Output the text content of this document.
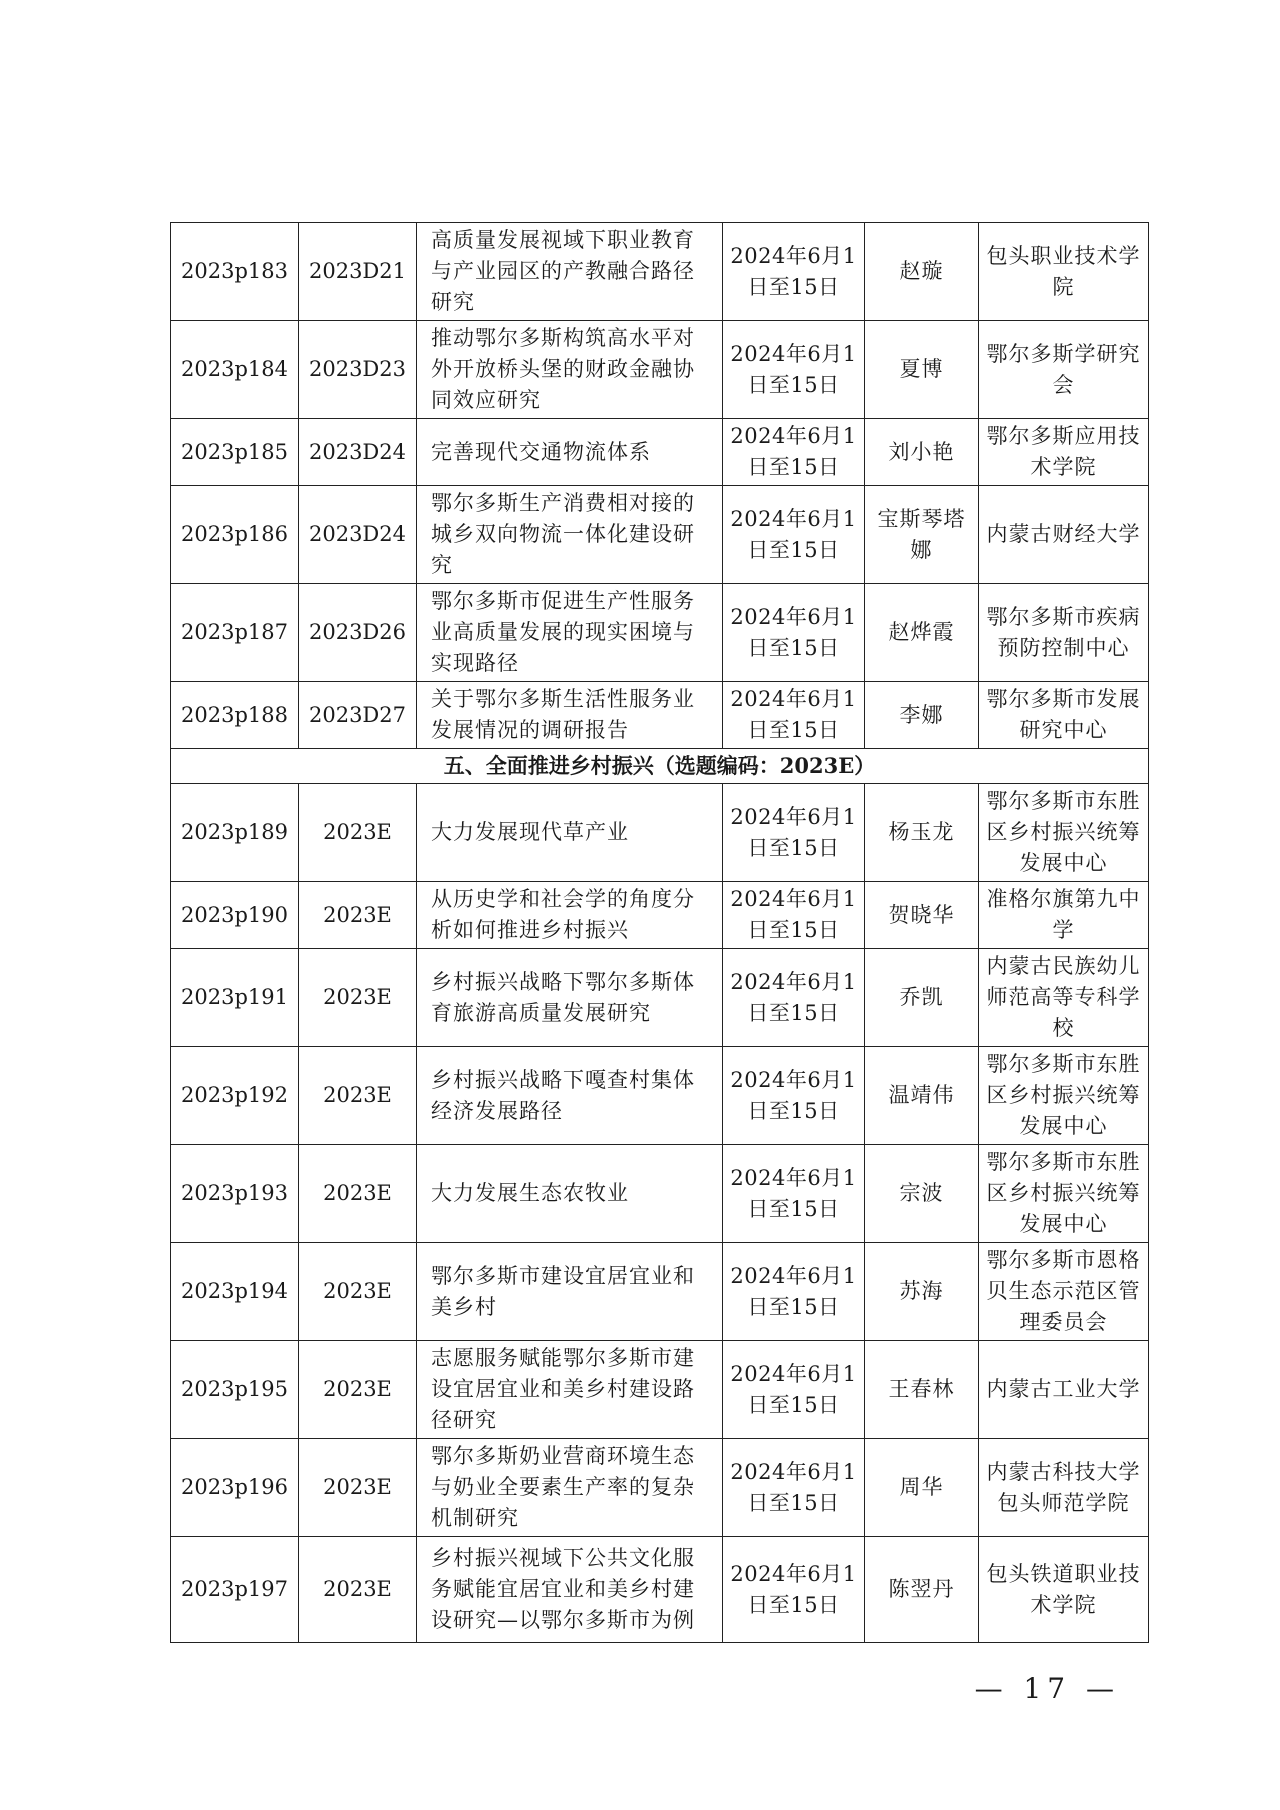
2023p183	2023D21	高质量发展视域下职业教育与产业园区的产教融合路径研究	2024年6月1日至15日	赵璇	包头职业技术学院
2023p184	2023D23	推动鄂尔多斯构筑高水平对外开放桥头堡的财政金融协同效应研究	2024年6月1日至15日	夏博	鄂尔多斯学研究会
2023p185	2023D24	完善现代交通物流体系	2024年6月1日至15日	刘小艳	鄂尔多斯应用技术学院
2023p186	2023D24	鄂尔多斯生产消费相对接的城乡双向物流一体化建设研究	2024年6月1日至15日	宝斯琴塔娜	内蒙古财经大学
2023p187	2023D26	鄂尔多斯市促进生产性服务业高质量发展的现实困境与实现路径	2024年6月1日至15日	赵烨霞	鄂尔多斯市疾病预防控制中心
2023p188	2023D27	关于鄂尔多斯生活性服务业发展情况的调研报告	2024年6月1日至15日	李娜	鄂尔多斯市发展研究中心
五、全面推进乡村振兴（选题编码：2023E）					
2023p189	2023E	大力发展现代草产业	2024年6月1日至15日	杨玉龙	鄂尔多斯市东胜区乡村振兴统筹发展中心
2023p190	2023E	从历史学和社会学的角度分析如何推进乡村振兴	2024年6月1日至15日	贺晓华	准格尔旗第九中学
2023p191	2023E	乡村振兴战略下鄂尔多斯体育旅游高质量发展研究	2024年6月1日至15日	乔凯	内蒙古民族幼儿师范高等专科学校
2023p192	2023E	乡村振兴战略下嘎查村集体经济发展路径	2024年6月1日至15日	温靖伟	鄂尔多斯市东胜区乡村振兴统筹发展中心
2023p193	2023E	大力发展生态农牧业	2024年6月1日至15日	宗波	鄂尔多斯市东胜区乡村振兴统筹发展中心
2023p194	2023E	鄂尔多斯市建设宜居宜业和美乡村	2024年6月1日至15日	苏海	鄂尔多斯市恩格贝生态示范区管理委员会
2023p195	2023E	志愿服务赋能鄂尔多斯市建设宜居宜业和美乡村建设路径研究	2024年6月1日至15日	王春林	内蒙古工业大学
2023p196	2023E	鄂尔多斯奶业营商环境生态与奶业全要素生产率的复杂机制研究	2024年6月1日至15日	周华	内蒙古科技大学 包头师范学院
2023p197	2023E	乡村振兴视域下公共文化服务赋能宜居宜业和美乡村建设研究—以鄂尔多斯市为例	2024年6月1日至15日	陈翌丹	包头铁道职业技术学院
— 17 —
